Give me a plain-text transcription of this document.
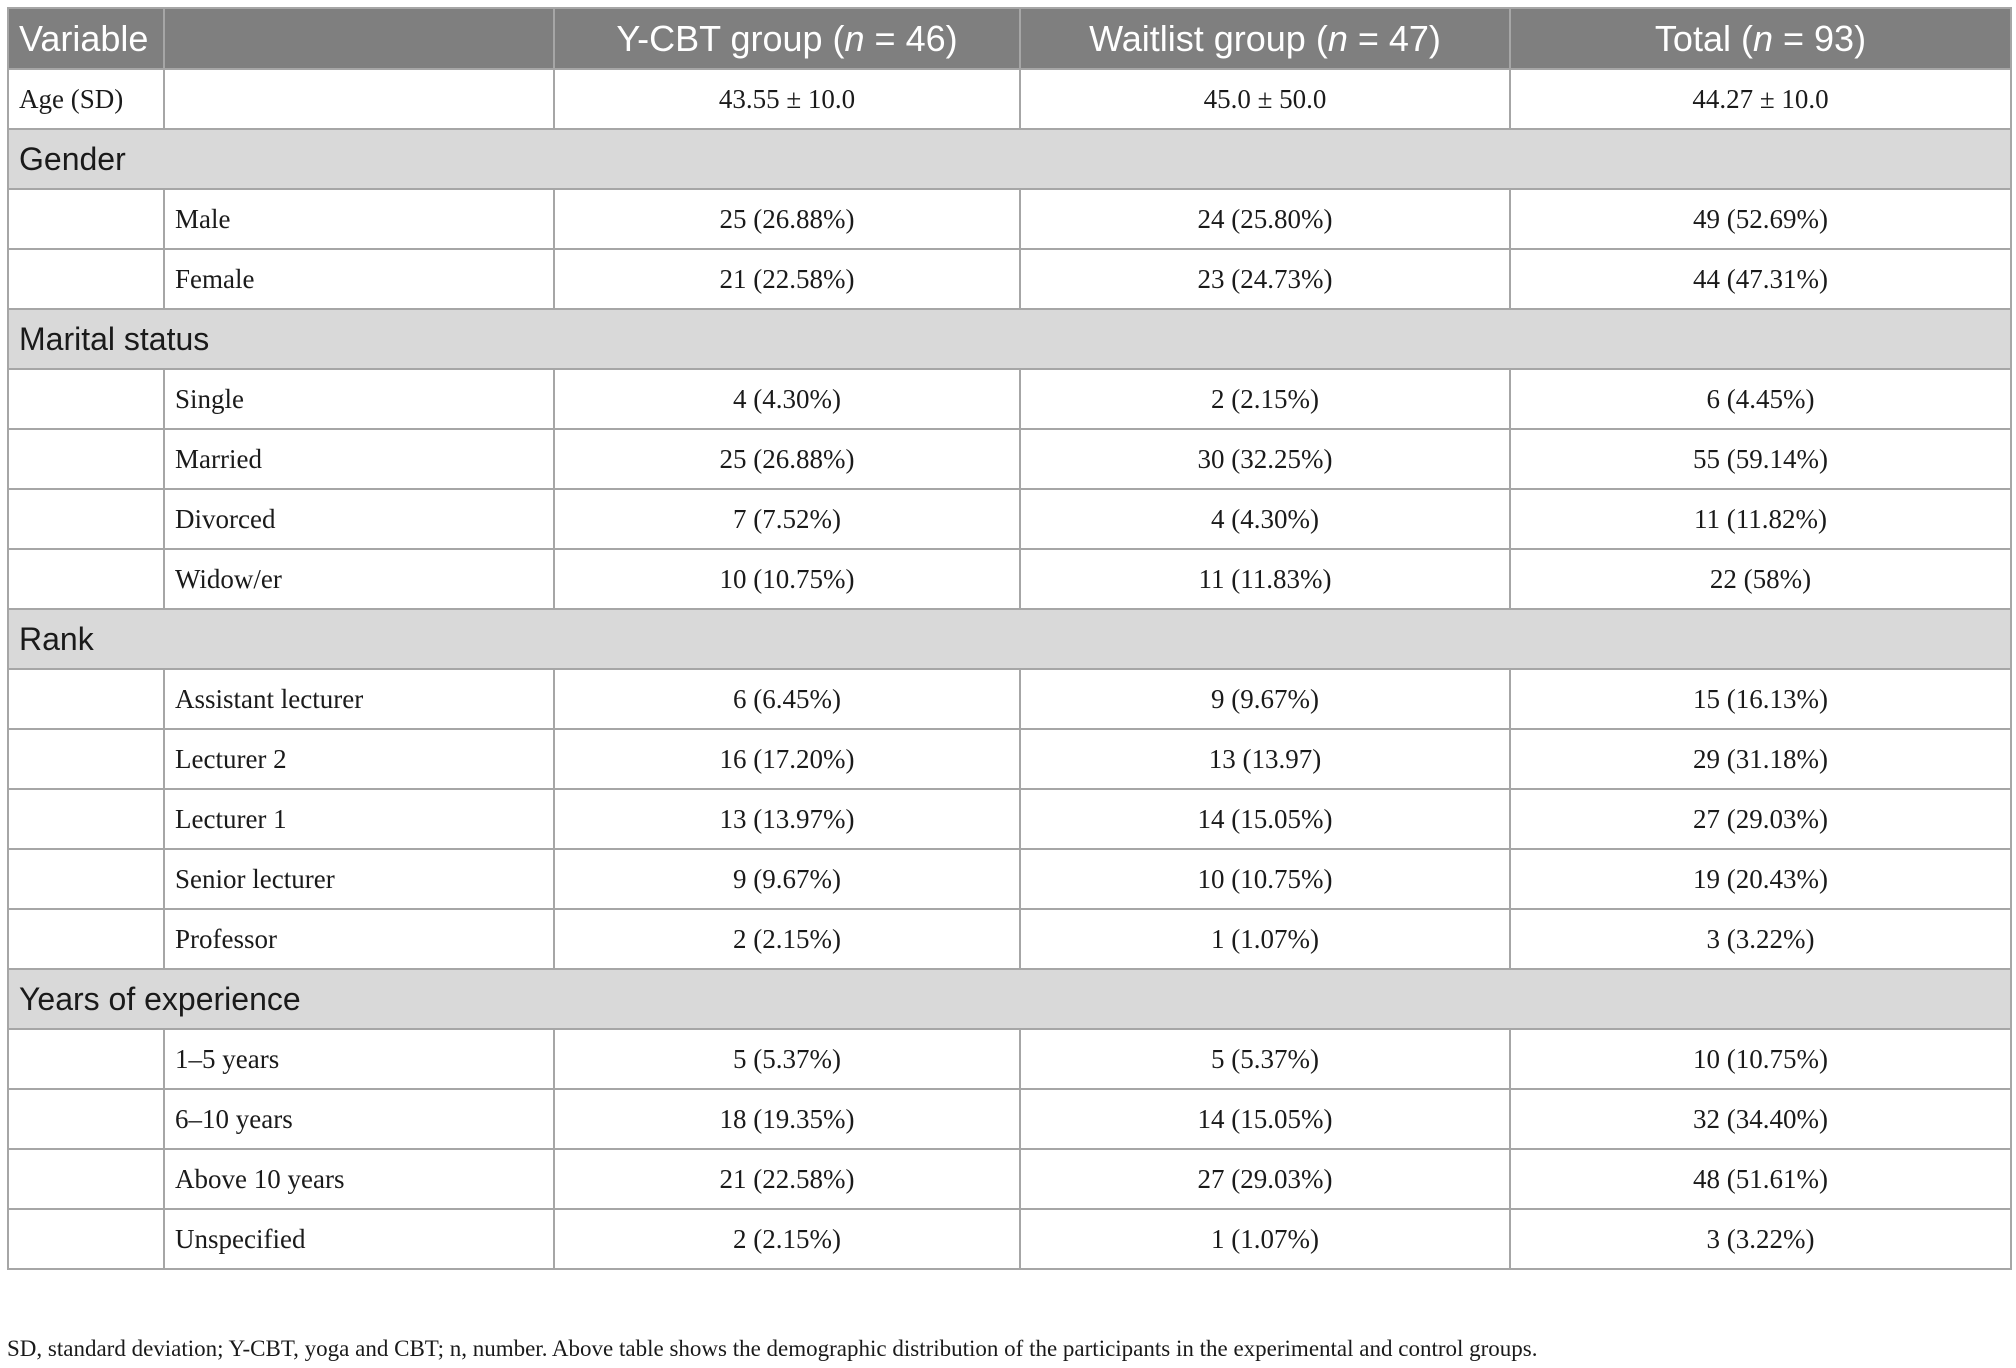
Variable		Y-CBT group (n = 46)	Waitlist group (n = 47)	Total (n = 93)
Age (SD)		43.55 ± 10.0	45.0 ± 50.0	44.27 ± 10.0
Gender				
	Male	25 (26.88%)	24 (25.80%)	49 (52.69%)
	Female	21 (22.58%)	23 (24.73%)	44 (47.31%)
Marital status				
	Single	4 (4.30%)	2 (2.15%)	6 (4.45%)
	Married	25 (26.88%)	30 (32.25%)	55 (59.14%)
	Divorced	7 (7.52%)	4 (4.30%)	11 (11.82%)
	Widow/er	10 (10.75%)	11 (11.83%)	22 (58%)
Rank				
	Assistant lecturer	6 (6.45%)	9 (9.67%)	15 (16.13%)
	Lecturer 2	16 (17.20%)	13 (13.97)	29 (31.18%)
	Lecturer 1	13 (13.97%)	14 (15.05%)	27 (29.03%)
	Senior lecturer	9 (9.67%)	10 (10.75%)	19 (20.43%)
	Professor	2 (2.15%)	1 (1.07%)	3 (3.22%)
Years of experience				
	1–5 years	5 (5.37%)	5 (5.37%)	10 (10.75%)
	6–10 years	18 (19.35%)	14 (15.05%)	32 (34.40%)
	Above 10 years	21 (22.58%)	27 (29.03%)	48 (51.61%)
	Unspecified	2 (2.15%)	1 (1.07%)	3 (3.22%)
SD, standard deviation; Y-CBT, yoga and CBT; n, number. Above table shows the demographic distribution of the participants in the experimental and control groups.
